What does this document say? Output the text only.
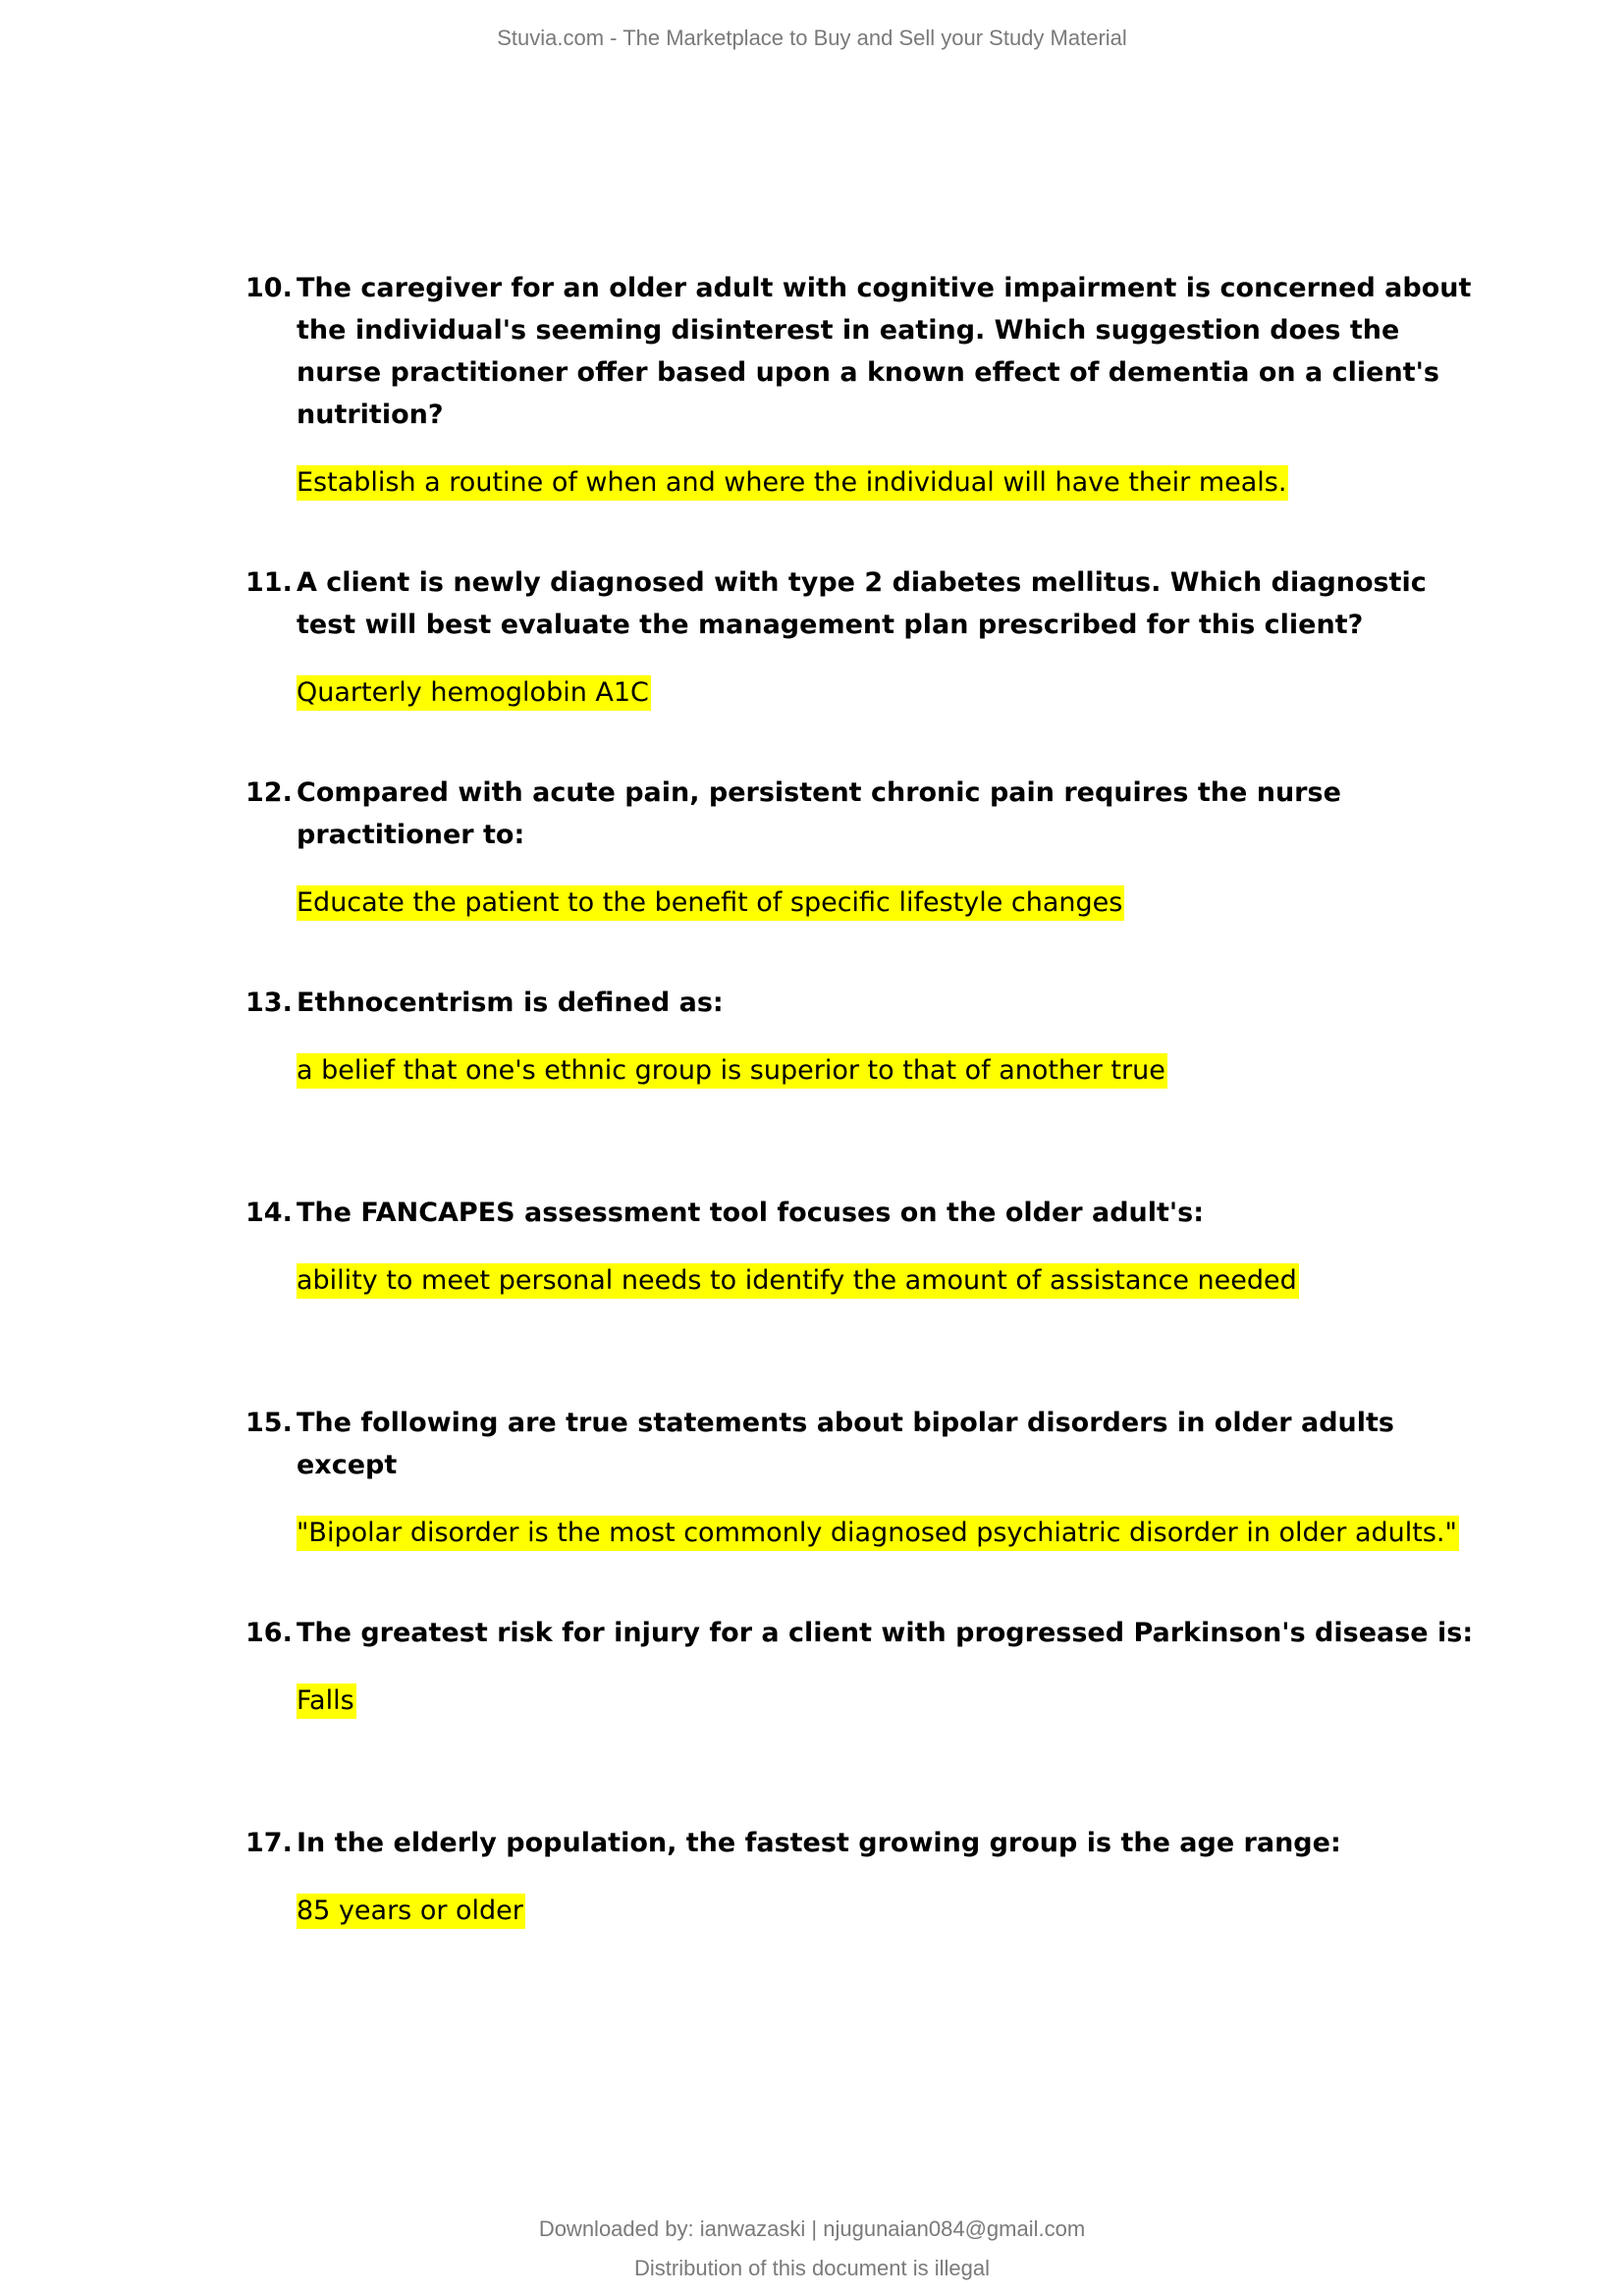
Stuvia.com - The Marketplace to Buy and Sell your Study Material
10. The caregiver for an older adult with cognitive impairment is concerned about the individual's seeming disinterest in eating. Which suggestion does the nurse practitioner offer based upon a known effect of dementia on a client's nutrition?
Establish a routine of when and where the individual will have their meals.
11. A client is newly diagnosed with type 2 diabetes mellitus. Which diagnostic test will best evaluate the management plan prescribed for this client?
Quarterly hemoglobin A1C
12. Compared with acute pain, persistent chronic pain requires the nurse practitioner to:
Educate the patient to the benefit of specific lifestyle changes
13. Ethnocentrism is defined as:
a belief that one's ethnic group is superior to that of another true
14. The FANCAPES assessment tool focuses on the older adult's:
ability to meet personal needs to identify the amount of assistance needed
15. The following are true statements about bipolar disorders in older adults except
"Bipolar disorder is the most commonly diagnosed psychiatric disorder in older adults."
16. The greatest risk for injury for a client with progressed Parkinson's disease is:
Falls
17. In the elderly population, the fastest growing group is the age range:
85 years or older
Downloaded by: ianwazaski | njugunaian084@gmail.com
Distribution of this document is illegal
